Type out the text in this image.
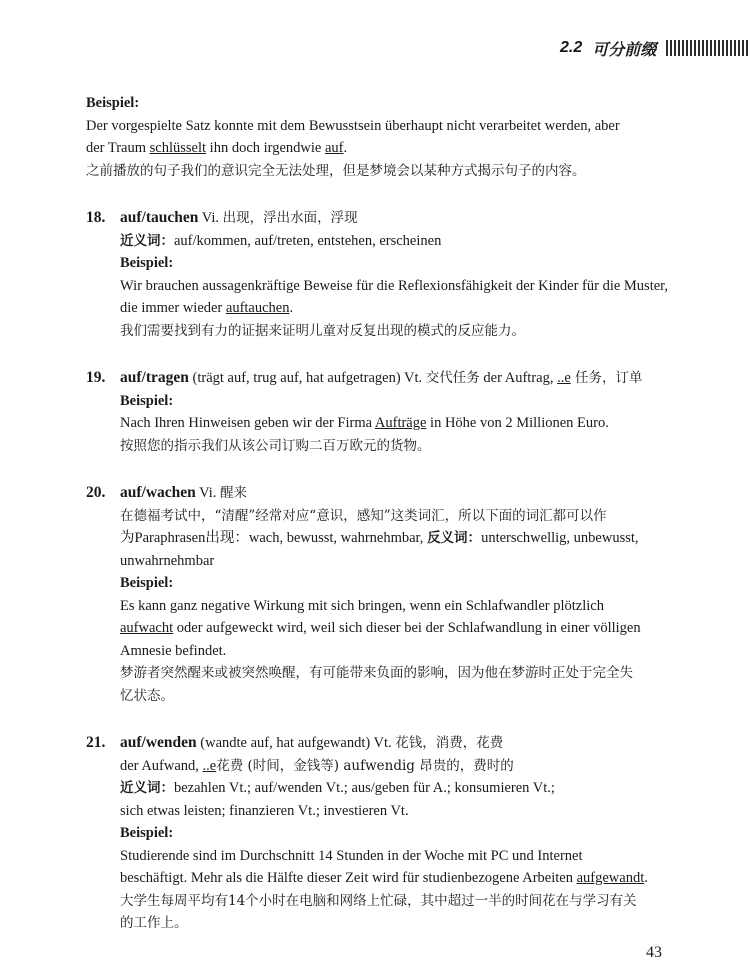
2.2 可分前缀

Beispiel:

Der vorgespielte Satz konnte mit dem Bewusstsein überhaupt nicht verarbeitet werden, aber

der Traum schlüsselt ihn doch irgendwie auf.

之前播放的句子我们的意识完全无法处理，但是梦境会以某种方式揭示句子的内容。

18. auf/tauchen Vi. 出现，浮出水面，浮现

近义词：auf/kommen, auf/treten, entstehen, erscheinen

Beispiel:

Wir brauchen aussagenkräftige Beweise für die Reflexionsfähigkeit der Kinder für die Muster,

die immer wieder auftauchen.

我们需要找到有力的证据来证明儿童对反复出现的模式的反应能力。

19. auf/tragen (trägt auf, trug auf, hat aufgetragen) Vt. 交代任务 der Auftrag, ..e 任务，订单

Beispiel:

Nach Ihren Hinweisen geben wir der Firma Aufträge in Höhe von 2 Millionen Euro.

按照您的指示我们从该公司订购二百万欧元的货物。

20. auf/wachen Vi. 醒来

在德福考试中，“清醒”经常对应“意识，感知”这类词汇，所以下面的词汇都可以作

为Paraphrasen出现：wach, bewusst, wahrnehmbar, 反义词：unterschwellig, unbewusst,

unwahrnehmbar

Beispiel:

Es kann ganz negative Wirkung mit sich bringen, wenn ein Schlafwandler plötzlich

aufwacht oder aufgeweckt wird, weil sich dieser bei der Schlafwandlung in einer völligen

Amnesie befindet.

梦游者突然醒来或被突然唤醒，有可能带来负面的影响，因为他在梦游时正处于完全失

忆状态。

21. auf/wenden (wandte auf, hat aufgewandt) Vt. 花钱，消费，花费

der Aufwand, ..e花费 (时间，金钱等) aufwendig 昂贵的，费时的

近义词：bezahlen Vt.; auf/wenden Vt.; aus/geben für A.; konsumieren Vt.;

sich etwas leisten; finanzieren Vt.; investieren Vt.

Beispiel:

Studierende sind im Durchschnitt 14 Stunden in der Woche mit PC und Internet

beschäftigt. Mehr als die Hälfte dieser Zeit wird für studienbezogene Arbeiten aufgewandt.

大学生每周平均有14个小时在电脑和网络上忙碌，其中超过一半的时间花在与学习有关

的工作上。

43
